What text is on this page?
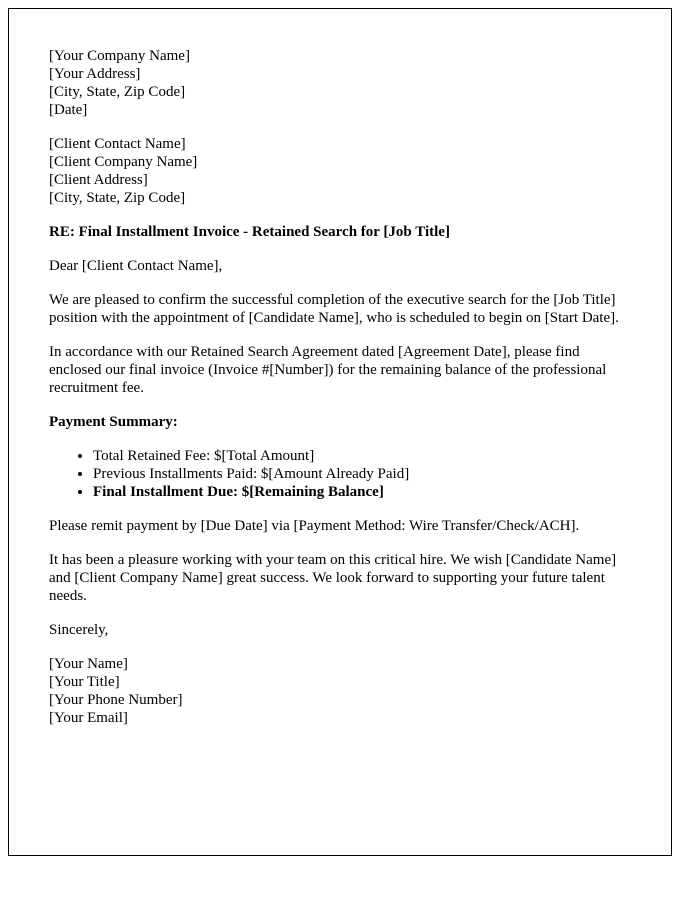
[Your Company Name]
[Your Address]
[City, State, Zip Code]
[Date]
[Client Contact Name]
[Client Company Name]
[Client Address]
[City, State, Zip Code]

RE: Final Installment Invoice - Retained Search for [Job Title]

Dear [Client Contact Name],

We are pleased to confirm the successful completion of the executive search for the [Job Title] position with the appointment of [Candidate Name], who is scheduled to begin on [Start Date].

In accordance with our Retained Search Agreement dated [Agreement Date], please find enclosed our final invoice (Invoice #[Number]) for the remaining balance of the professional recruitment fee.

Payment Summary:

• Total Retained Fee: $[Total Amount]
• Previous Installments Paid: $[Amount Already Paid]
• Final Installment Due: $[Remaining Balance]

Please remit payment by [Due Date] via [Payment Method: Wire Transfer/Check/ACH].

It has been a pleasure working with your team on this critical hire. We wish [Candidate Name] and [Client Company Name] great success. We look forward to supporting your future talent needs.

Sincerely,

[Your Name]
[Your Title]
[Your Phone Number]
[Your Email]
